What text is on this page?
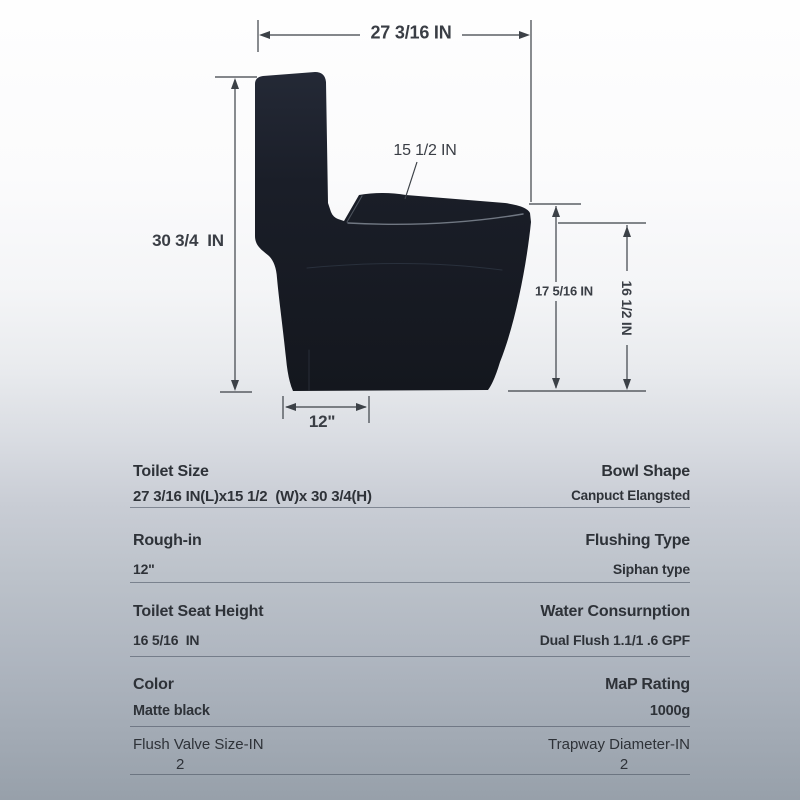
27 3/16 IN
15 1/2 IN
30 3/4  IN
17 5/16 IN 16 1/2 IN
12"
Toilet Size
27 3/16 IN(L)x15 1/2  (W)x 30 3/4(H)
Bowl Shape
Canpuct Elangsted
Rough-in
12"
Flushing Type
Siphan type
Toilet Seat Height
16 5/16  IN
Water Consurnption
Dual Flush 1.1/1 .6 GPF
Color
Matte black
MaP Rating
1000g
Flush Valve Size-IN
2
Trapway Diameter-IN
2
